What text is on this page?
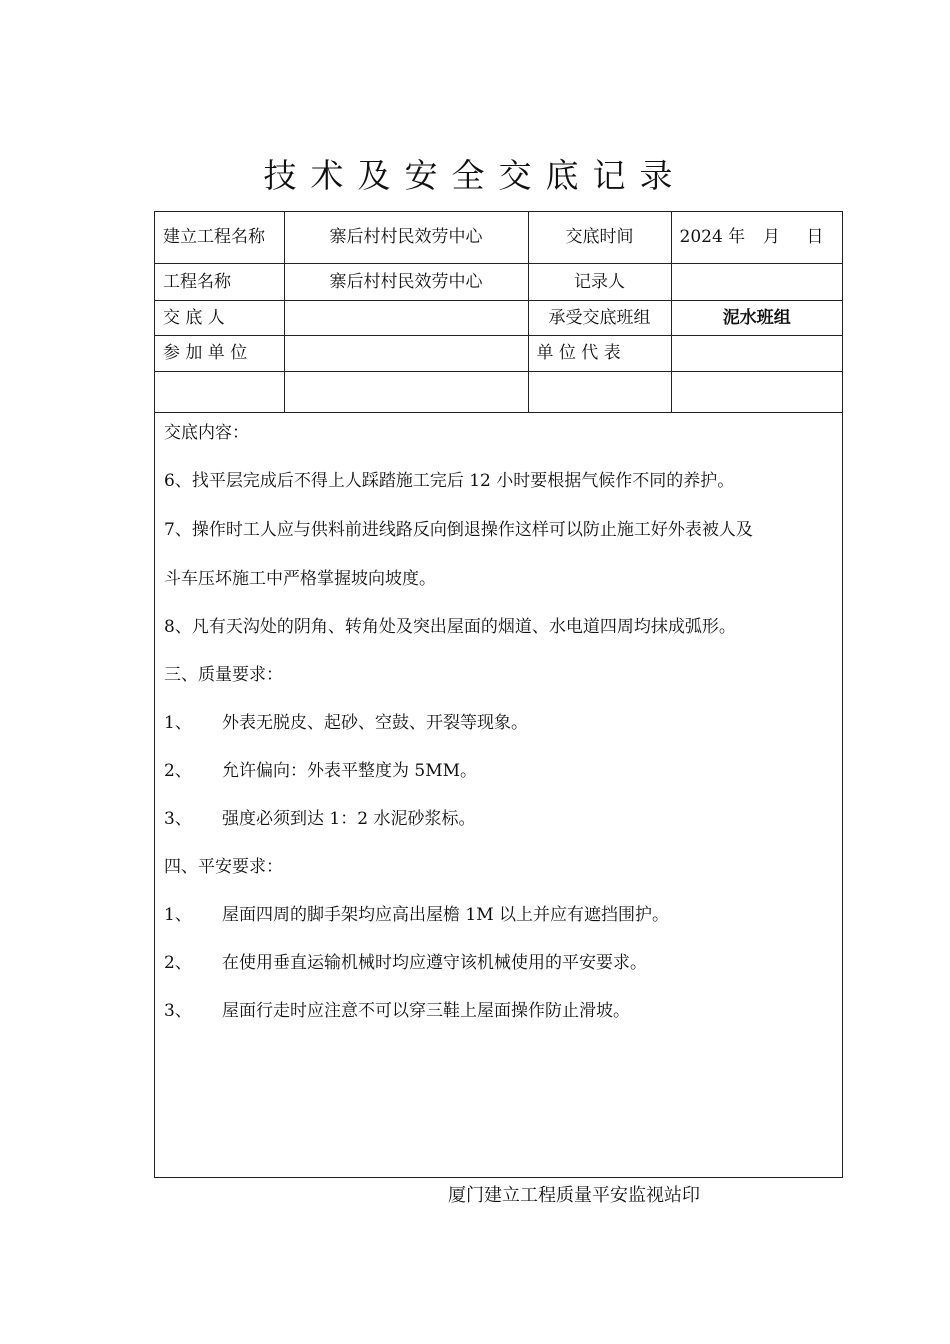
技术及安全交底记录
建立工程名称	寨后村村民效劳中心	交底时间	2024 年 月 日
工程名称	寨后村村民效劳中心	记录人	
交 底 人		承受交底班组	泥水班组
参 加 单 位		单 位 代 表	

交底内容：

6、找平层完成后不得上人踩踏施工完后 12 小时要根据气候作不同的养护。

7、操作时工人应与供料前进线路反向倒退操作这样可以防止施工好外表被人及

斗车压坏施工中严格掌握坡向坡度。

8、凡有天沟处的阴角、转角处及突出屋面的烟道、水电道四周均抹成弧形。

三、质量要求：

1、 外表无脱皮、起砂、空鼓、开裂等现象。

2、 允许偏向：外表平整度为 5MM。

3、 强度必须到达 1：2 水泥砂浆标。

四、平安要求：

1、 屋面四周的脚手架均应高出屋檐 1M 以上并应有遮挡围护。

2、 在使用垂直运输机械时均应遵守该机械使用的平安要求。

3、 屋面行走时应注意不可以穿三鞋上屋面操作防止滑坡。

厦门建立工程质量平安监视站印
